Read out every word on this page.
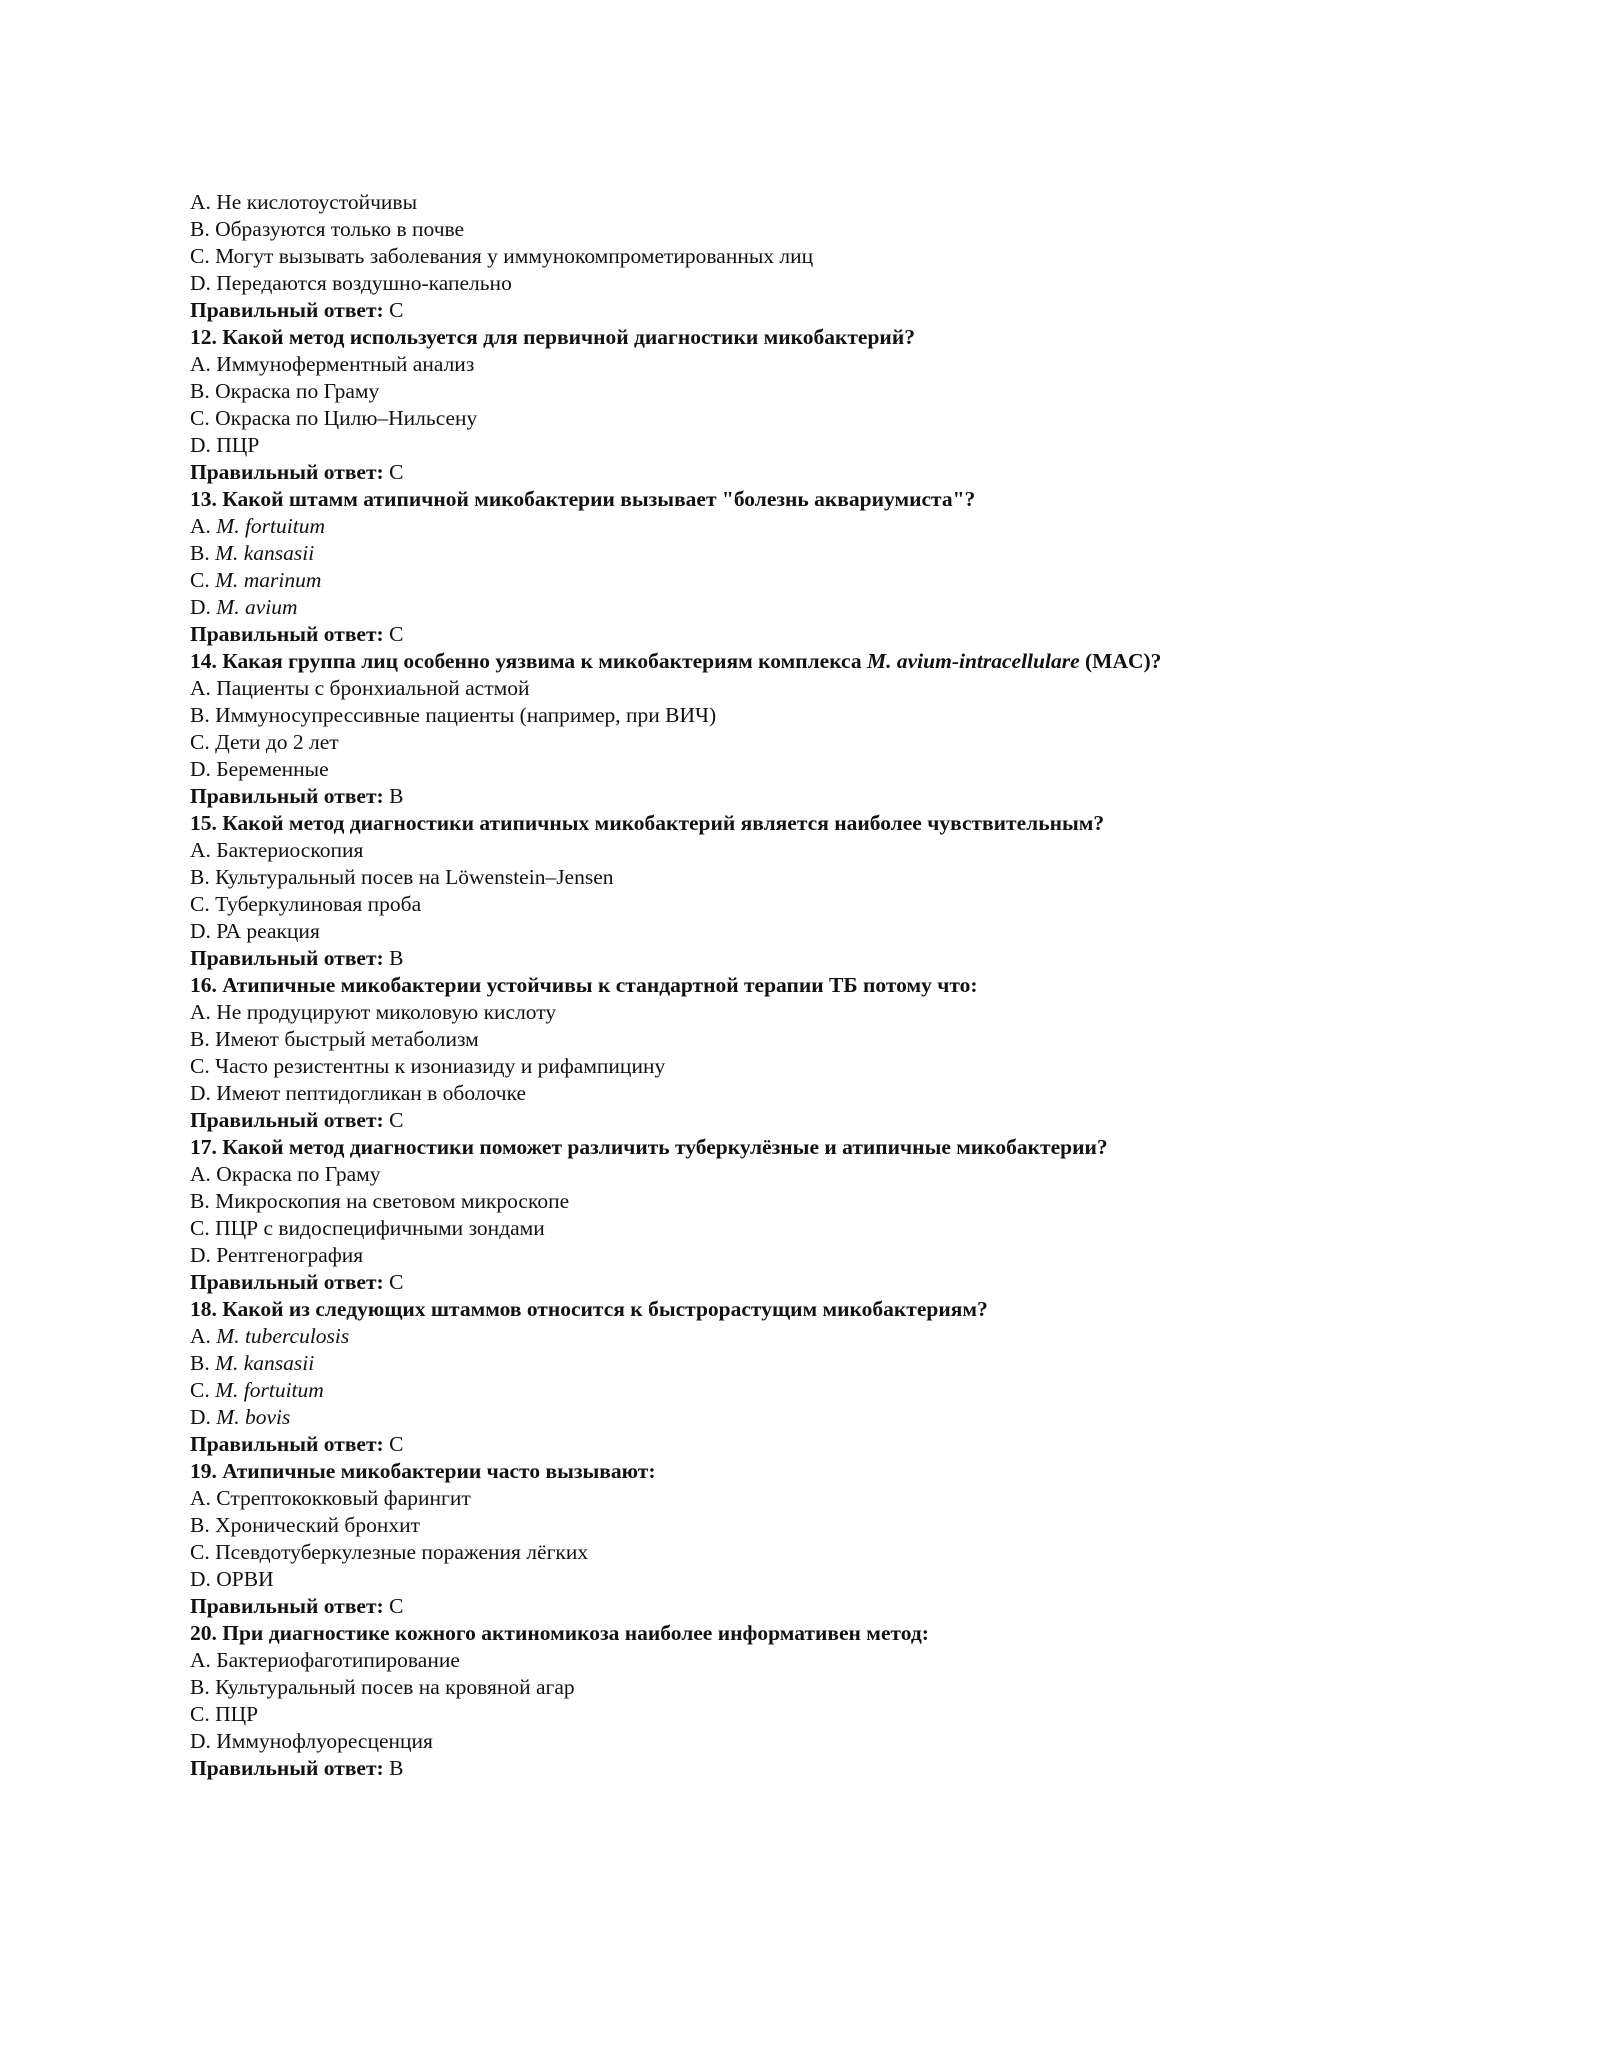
A. Не кислотоустойчивы
B. Образуются только в почве
C. Могут вызывать заболевания у иммунокомпрометированных лиц
D. Передаются воздушно-капельно
Правильный ответ: C
12. Какой метод используется для первичной диагностики микобактерий?
A. Иммуноферментный анализ
B. Окраска по Граму
C. Окраска по Цилю–Нильсену
D. ПЦР
Правильный ответ: C
13. Какой штамм атипичной микобактерии вызывает "болезнь аквариумиста"?
A. M. fortuitum
B. M. kansasii
C. M. marinum
D. M. avium
Правильный ответ: C
14. Какая группа лиц особенно уязвима к микобактериям комплекса M. avium-intracellulare (MAC)?
A. Пациенты с бронхиальной астмой
B. Иммуносупрессивные пациенты (например, при ВИЧ)
C. Дети до 2 лет
D. Беременные
Правильный ответ: B
15. Какой метод диагностики атипичных микобактерий является наиболее чувствительным?
A. Бактериоскопия
B. Культуральный посев на Löwenstein–Jensen
C. Туберкулиновая проба
D. РА реакция
Правильный ответ: B
16. Атипичные микобактерии устойчивы к стандартной терапии ТБ потому что:
A. Не продуцируют миколовую кислоту
B. Имеют быстрый метаболизм
C. Часто резистентны к изониазиду и рифампицину
D. Имеют пептидогликан в оболочке
Правильный ответ: C
17. Какой метод диагностики поможет различить туберкулёзные и атипичные микобактерии?
A. Окраска по Граму
B. Микроскопия на световом микроскопе
C. ПЦР с видоспецифичными зондами
D. Рентгенография
Правильный ответ: C
18. Какой из следующих штаммов относится к быстрорастущим микобактериям?
A. M. tuberculosis
B. M. kansasii
C. M. fortuitum
D. M. bovis
Правильный ответ: C
19. Атипичные микобактерии часто вызывают:
A. Стрептококковый фарингит
B. Хронический бронхит
C. Псевдотуберкулезные поражения лёгких
D. ОРВИ
Правильный ответ: C
20. При диагностике кожного актиномикоза наиболее информативен метод:
A. Бактериофаготипирование
B. Культуральный посев на кровяной агар
C. ПЦР
D. Иммунофлуоресценция
Правильный ответ: B
